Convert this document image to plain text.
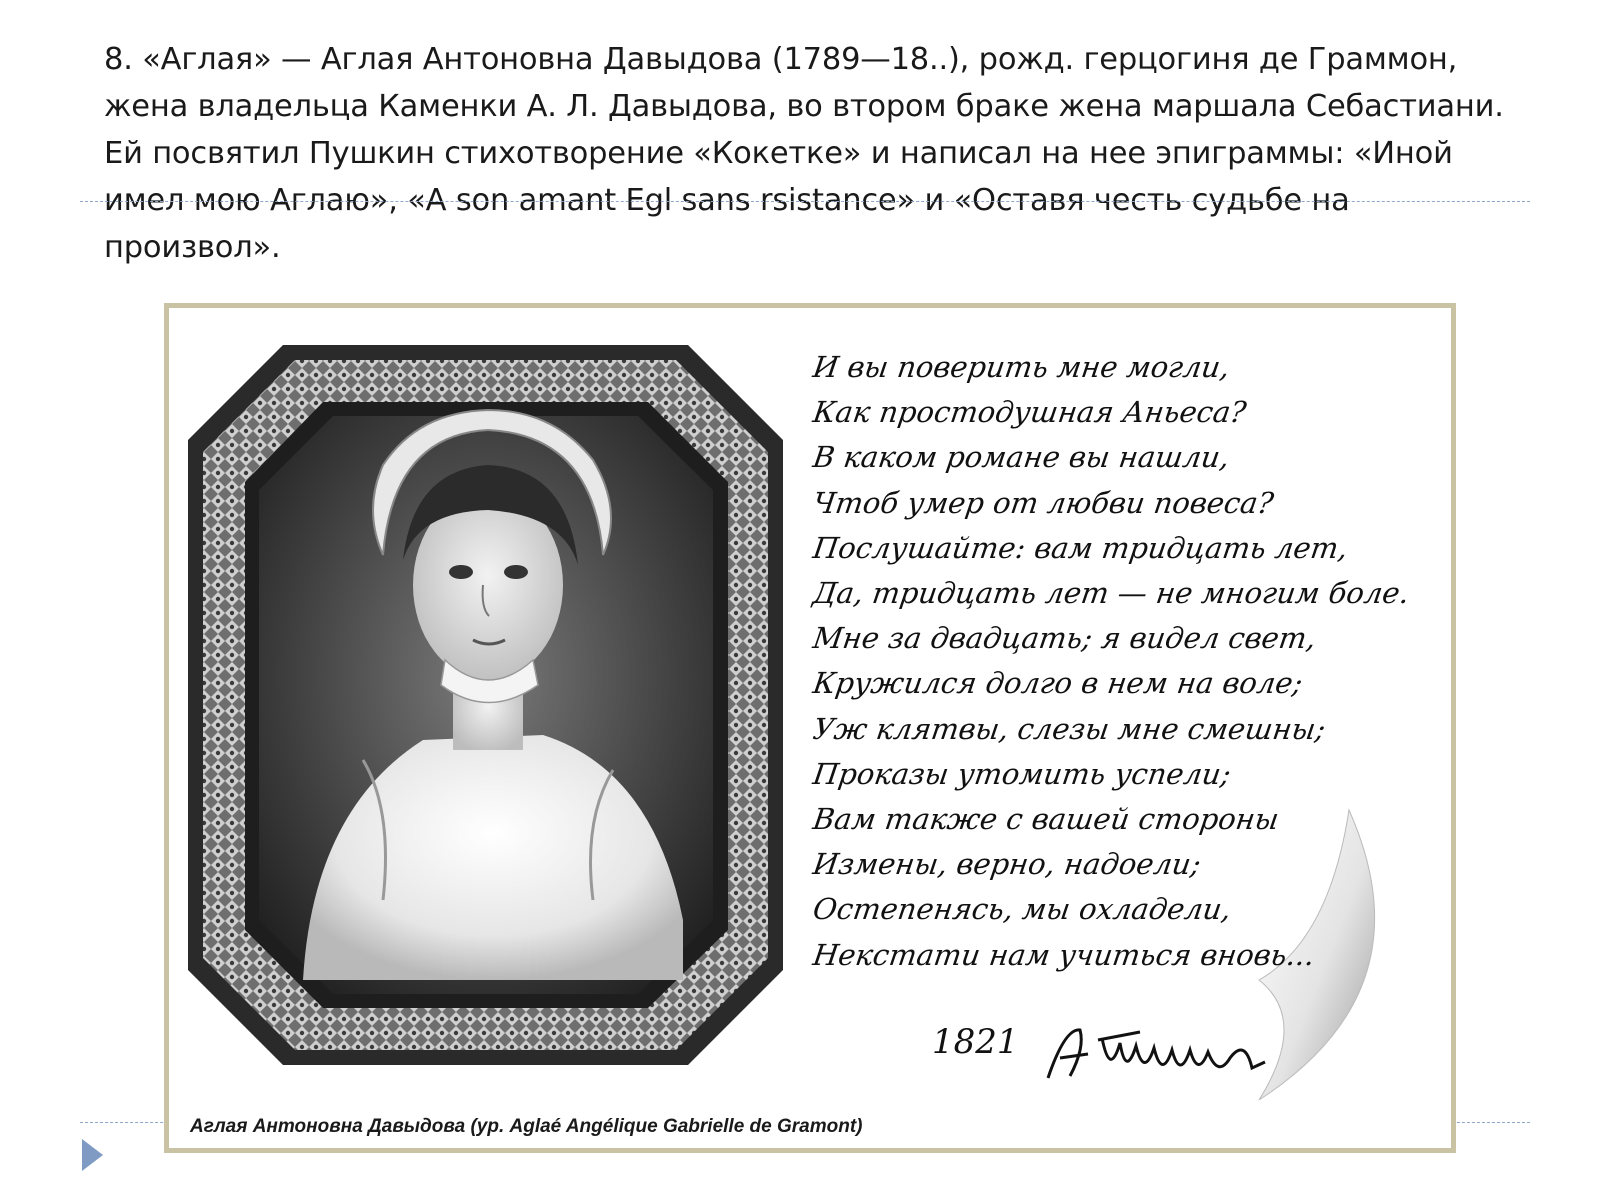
8. «Аглая» — Аглая Антоновна Давыдова (1789—18..), рожд. герцогиня де Граммон, жена владельца Каменки А. Л. Давыдова, во втором браке жена маршала Себастиани. Ей посвятил Пушкин стихотворение «Кокетке» и написал на нее эпиграммы: «Иной имел мою Аглаю», «A son amant Egl sans rsistance» и «Оставя честь судьбе на произвол».
И вы поверить мне могли,
Как простодушная Аньеса?
В каком романе вы нашли,
Чтоб умер от любви повеса?
Послушайте: вам тридцать лет,
Да, тридцать лет — не многим боле.
Мне за двадцать; я видел свет,
Кружился долго в нем на воле;
Уж клятвы, слезы мне смешны;
Проказы утомить успели;
Вам также с вашей стороны
Измены, верно, надоели;
Остепенясь, мы охладели,
Некстати нам учиться вновь...
1821
Аглая Антоновна Давыдова (ур. Aglaé Angélique Gabrielle de Gramont)
